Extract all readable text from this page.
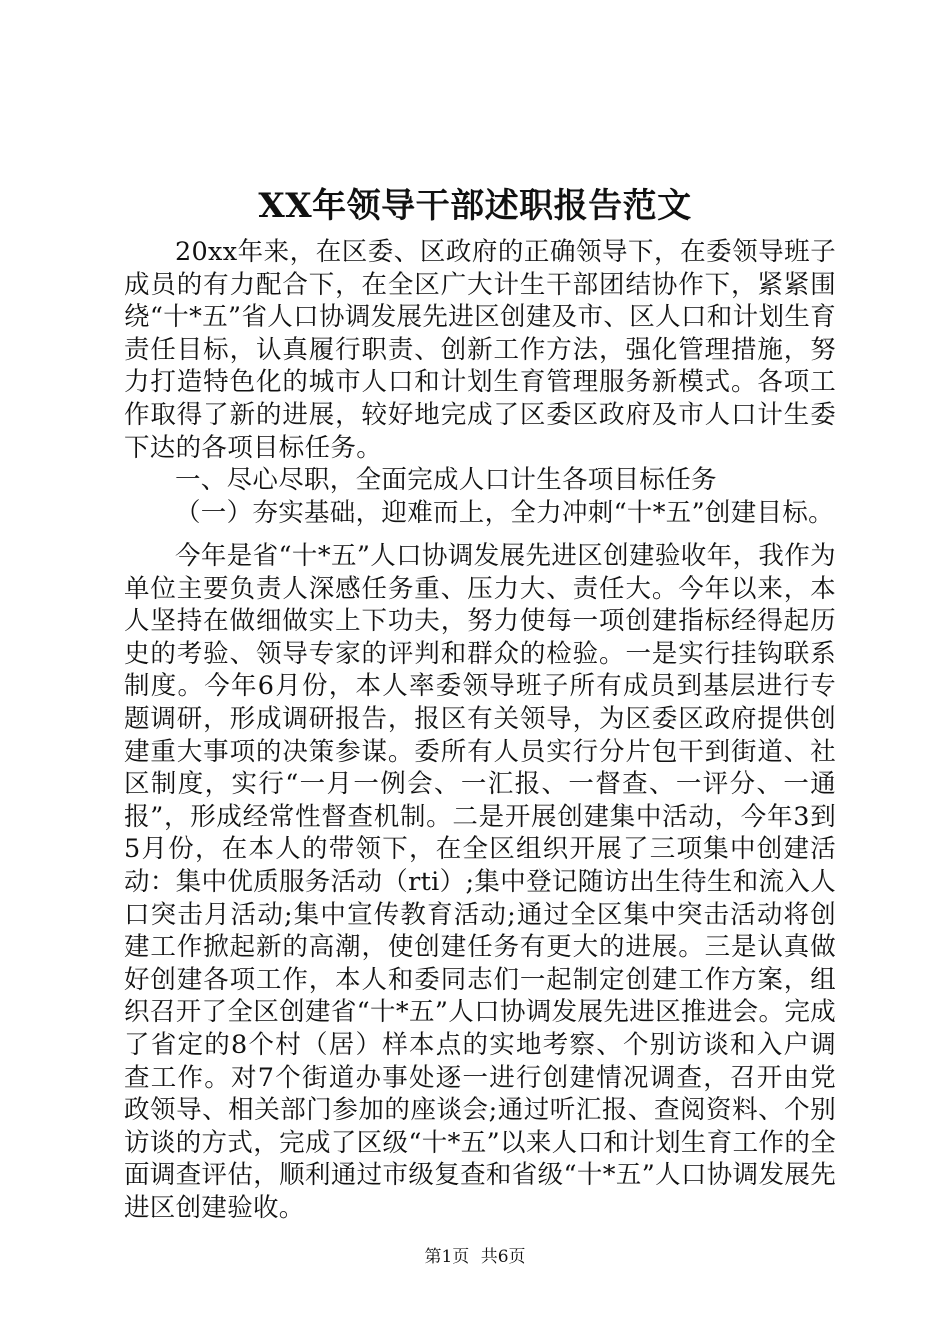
XX年领导干部述职报告范文

20xx年来，在区委、区政府的正确领导下，在委领导班子成员的有力配合下，在全区广大计生干部团结协作下，紧紧围绕“十*五”省人口协调发展先进区创建及市、区人口和计划生育责任目标，认真履行职责、创新工作方法，强化管理措施，努力打造特色化的城市人口和计划生育管理服务新模式。各项工作取得了新的进展，较好地完成了区委区政府及市人口计生委下达的各项目标任务。

一、尽心尽职，全面完成人口计生各项目标任务

（一）夯实基础，迎难而上，全力冲刺“十*五”创建目标。

今年是省“十*五”人口协调发展先进区创建验收年，我作为单位主要负责人深感任务重、压力大、责任大。今年以来，本人坚持在做细做实上下功夫，努力使每一项创建指标经得起历史的考验、领导专家的评判和群众的检验。一是实行挂钩联系制度。今年6月份，本人率委领导班子所有成员到基层进行专题调研，形成调研报告，报区有关领导，为区委区政府提供创建重大事项的决策参谋。委所有人员实行分片包干到街道、社区制度，实行“一月一例会、一汇报、一督查、一评分、一通报”，形成经常性督查机制。二是开展创建集中活动，今年3到5月份，在本人的带领下，在全区组织开展了三项集中创建活动：集中优质服务活动（rti）;集中登记随访出生待生和流入人口突击月活动;集中宣传教育活动;通过全区集中突击活动将创建工作掀起新的高潮，使创建任务有更大的进展。三是认真做好创建各项工作，本人和委同志们一起制定创建工作方案，组织召开了全区创建省“十*五”人口协调发展先进区推进会。完成了省定的8个村（居）样本点的实地考察、个别访谈和入户调查工作。对7个街道办事处逐一进行创建情况调查，召开由党政领导、相关部门参加的座谈会;通过听汇报、查阅资料、个别访谈的方式，完成了区级“十*五”以来人口和计划生育工作的全面调查评估，顺利通过市级复查和省级“十*五”人口协调发展先进区创建验收。

第1页 共6页
